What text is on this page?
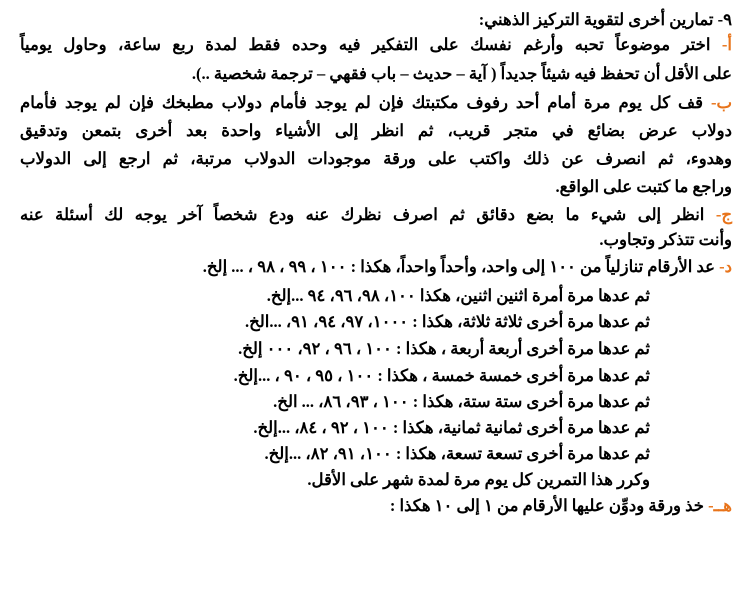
٩- تمارين أخرى لتقوية التركيز الذهني:
أ- اختر موضوعاً تحبه وأرغم نفسك على التفكير فيه وحده فقط لمدة ربع ساعة، وحاول يومياً
على الأقل أن تحفظ فيه شيئاً جديداً ( آية – حديث – باب فقهي – ترجمة شخصية ..).
ب- قف كل يوم مرة أمام أحد رفوف مكتبتك فإن لم يوجد فأمام دولاب مطبخك فإن لم يوجد فأمام
دولاب عرض بضائع في متجر قريب، ثم انظر إلى الأشياء واحدة بعد أخرى بتمعن وتدقيق
وهدوء، ثم انصرف عن ذلك واكتب على ورقة موجودات الدولاب مرتبة، ثم ارجع إلى الدولاب
وراجع ما كتبت على الواقع.
ج- انظر إلى شيء ما بضع دقائق ثم اصرف نظرك عنه ودع شخصاً آخر يوجه لك أسئلة عنه
وأنت تتذكر وتجاوب.
د- عد الأرقام تنازلياً من ١٠٠ إلى واحد، وأحداً واحداً، هكذا : ١٠٠ ، ٩٩ ، ٩٨ ، ... إلخ.
ثم عدها مرة أمرة اثنين اثنين، هكذا ١٠٠، ٩٨، ٩٦، ٩٤ ...إلخ.
ثم عدها مرة أخرى ثلاثة ثلاثة، هكذا : ١٠٠٠، ٩٧، ٩٤، ٩١، ...الخ.
ثم عدها مرة أخرى أربعة أربعة ، هكذا : ١٠٠ ، ٩٦ ، ٩٢، ٠٠٠ إلخ.
ثم عدها مرة أخرى خمسة خمسة ، هكذا : ١٠٠ ، ٩٥ ، ٩٠ ، ...إلخ.
ثم عدها مرة أخرى ستة ستة، هكذا : ١٠٠ ، ٩٣، ٨٦، ... الخ.
ثم عدها مرة أخرى ثمانية ثمانية، هكذا : ١٠٠ ، ٩٢ ، ٨٤، ...إلخ.
ثم عدها مرة أخرى تسعة تسعة، هكذا : ١٠٠، ٩١، ٨٢، ...إلخ.
وكرر هذا التمرين كل يوم مرة لمدة شهر على الأقل.
هــ- خذ ورقة ودوِّن عليها الأرقام من ١ إلى ١٠ هكذا :
